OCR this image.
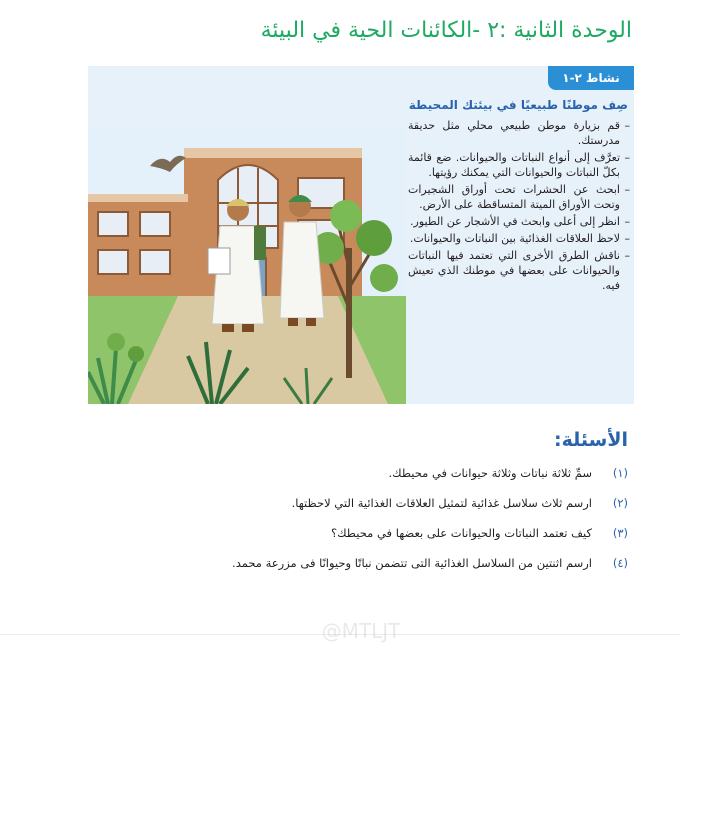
الوحدة الثانية :٢ -الكائنات الحية في البيئة
نشاط ٢-١
صِف موطنًا طبيعيًا في بيئتك المحيطة
–
قم بزيارة موطن طبيعي محلي مثل حديقة مدرستك.
–
تعرَّف إلى أنواع النباتات والحيوانات. ضع قائمة بكلّ النباتات والحيوانات التي يمكنك رؤيتها.
–
ابحث عن الحشرات تحت أوراق الشجيرات وتحت الأوراق الميتة المتساقطة على الأرض.
–
انظر إلى أعلى وابحث في الأشجار عن الطيور.
–
لاحظ العلاقات الغذائية بين النباتات والحيوانات.
–
ناقش الطرق الأخرى التي تعتمد فيها النباتات والحيوانات على بعضها في موطنك الذي تعيش فيه.
الأسئلة:
(١)سمِّ ثلاثة نباتات وثلاثة حيوانات في محيطك.
(٢)ارسم ثلاث سلاسل غذائية لتمثيل العلاقات الغذائية التي لاحظتها.
(٣)كيف تعتمد النباتات والحيوانات على بعضها في محيطك؟
(٤)ارسم اثنتين من السلاسل الغذائية التى تتضمن نباتًا وحيوانًا فى مزرعة محمد.
@MTLJT
